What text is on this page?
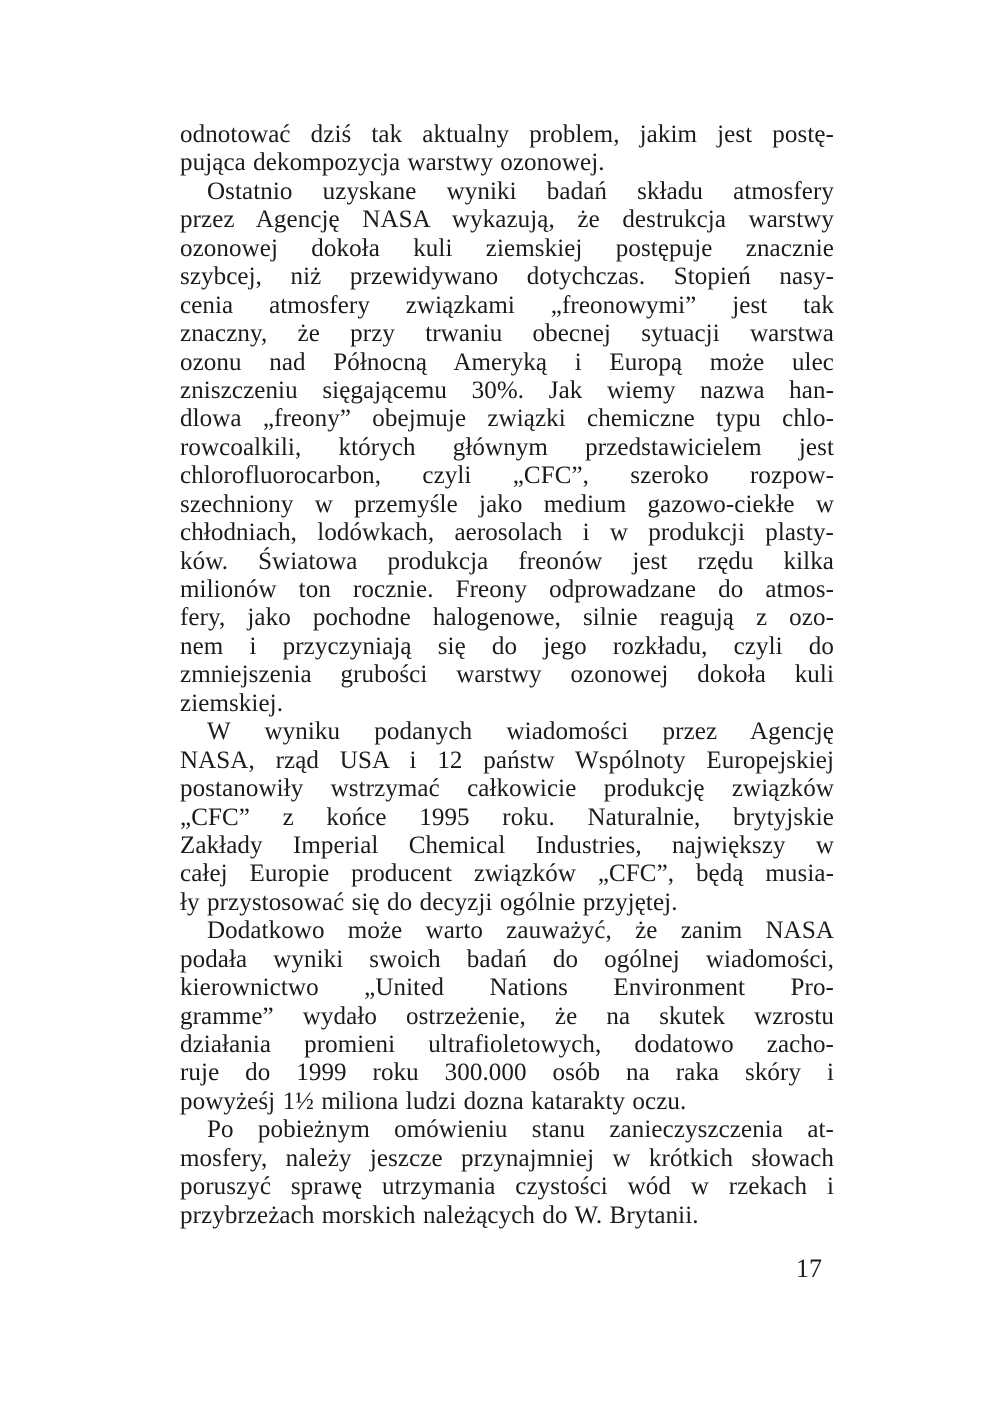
odnotować dziś tak aktualny problem, jakim jest postę-
pująca dekompozycja warstwy ozonowej.
Ostatnio uzyskane wyniki badań składu atmosfery
przez Agencję NASA wykazują, że destrukcja warstwy
ozonowej dokoła kuli ziemskiej postępuje znacznie
szybcej, niż przewidywano dotychczas. Stopień nasy-
cenia atmosfery związkami „freonowymi” jest tak
znaczny, że przy trwaniu obecnej sytuacji warstwa
ozonu nad Północną Ameryką i Europą może ulec
zniszczeniu sięgającemu 30%. Jak wiemy nazwa han-
dlowa „freony” obejmuje związki chemiczne typu chlo-
rowcoalkili, których głównym przedstawicielem jest
chlorofluorocarbon, czyli „CFC”, szeroko rozpow-
szechniony w przemyśle jako medium gazowo-ciekłe w
chłodniach, lodówkach, aerosolach i w produkcji plasty-
ków. Światowa produkcja freonów jest rzędu kilka
milionów ton rocznie. Freony odprowadzane do atmos-
fery, jako pochodne halogenowe, silnie reagują z ozo-
nem i przyczyniają się do jego rozkładu, czyli do
zmniejszenia grubości warstwy ozonowej dokoła kuli
ziemskiej.
W wyniku podanych wiadomości przez Agencję
NASA, rząd USA i 12 państw Wspólnoty Europejskiej
postanowiły wstrzymać całkowicie produkcję związków
„CFC” z końce 1995 roku. Naturalnie, brytyjskie
Zakłady Imperial Chemical Industries, największy w
całej Europie producent związków „CFC”, będą musia-
ły przystosować się do decyzji ogólnie przyjętej.
Dodatkowo może warto zauważyć, że zanim NASA
podała wyniki swoich badań do ogólnej wiadomości,
kierownictwo „United Nations Environment Pro-
gramme” wydało ostrzeżenie, że na skutek wzrostu
działania promieni ultrafioletowych, dodatowo zacho-
ruje do 1999 roku 300.000 osób na raka skóry i
powyżeśj 1½ miliona ludzi dozna katarakty oczu.
Po pobieżnym omówieniu stanu zanieczyszczenia at-
mosfery, należy jeszcze przynajmniej w krótkich słowach
poruszyć sprawę utrzymania czystości wód w rzekach i
przybrzeżach morskich należących do W. Brytanii.
17
